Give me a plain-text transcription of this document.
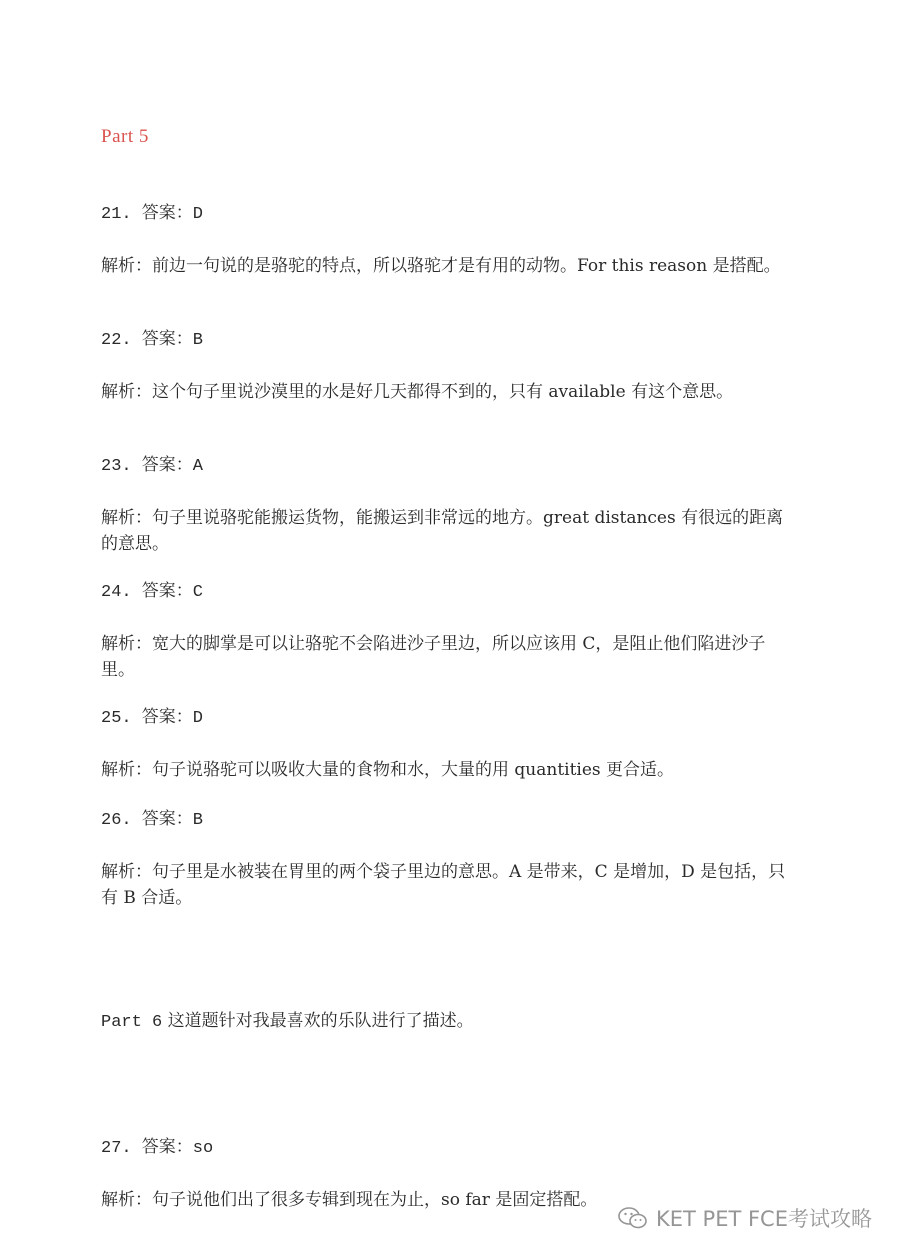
Part 5
21. 答案：D
解析：前边一句说的是骆驼的特点，所以骆驼才是有用的动物。For this reason 是搭配。
22. 答案：B
解析：这个句子里说沙漠里的水是好几天都得不到的，只有 available 有这个意思。
23. 答案：A
解析：句子里说骆驼能搬运货物，能搬运到非常远的地方。great distances 有很远的距离的意思。
24. 答案：C
解析：宽大的脚掌是可以让骆驼不会陷进沙子里边，所以应该用 C，是阻止他们陷进沙子里。
25. 答案：D
解析：句子说骆驼可以吸收大量的食物和水，大量的用 quantities 更合适。
26. 答案：B
解析：句子里是水被装在胃里的两个袋子里边的意思。A 是带来，C 是增加，D 是包括，只有 B 合适。
Part 6 这道题针对我最喜欢的乐队进行了描述。
27. 答案：so
解析：句子说他们出了很多专辑到现在为止，so far 是固定搭配。
KET PET FCE考试攻略
